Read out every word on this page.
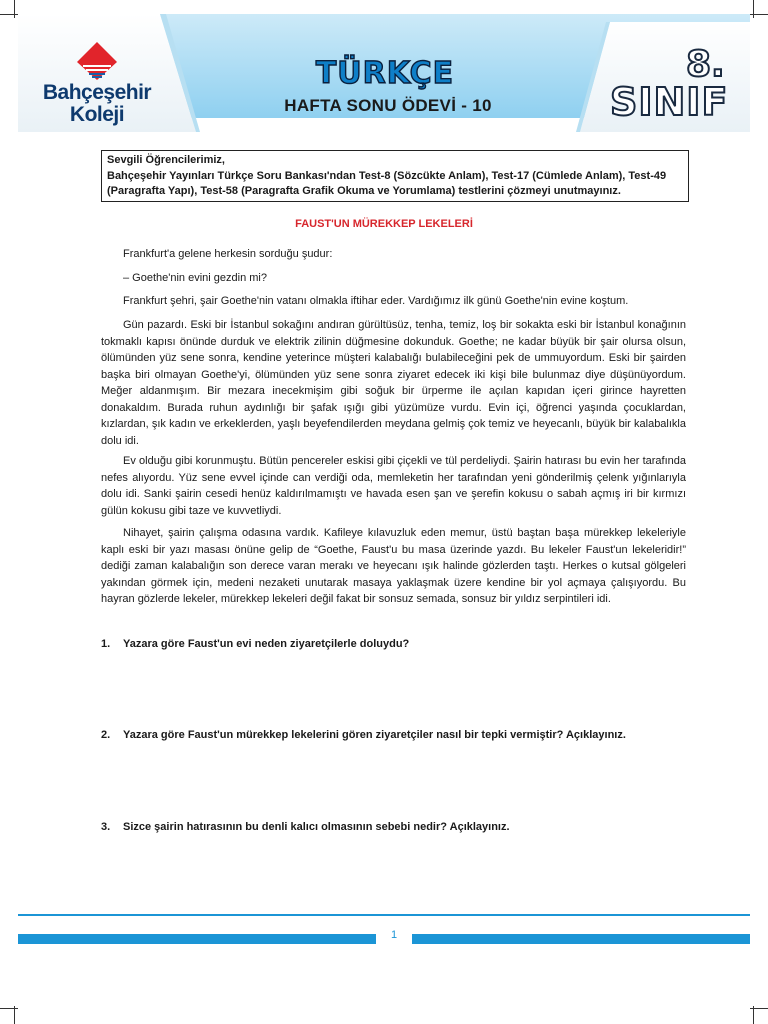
Bahçeşehir
Koleji
TÜRKÇE
HAFTA SONU ÖDEVİ - 10
8.
SINIF
Sevgili Öğrencilerimiz,
Bahçeşehir Yayınları Türkçe Soru Bankası'ndan Test-8 (Sözcükte Anlam), Test-17 (Cümlede Anlam), Test-49 (Paragrafta Yapı), Test-58 (Paragrafta Grafik Okuma ve Yorumlama) testlerini çözmeyi unutmayınız.
FAUST'UN MÜREKKEP LEKELERİ

Frankfurt'a gelene herkesin sorduğu şudur:

– Goethe'nin evini gezdin mi?

Frankfurt şehri, şair Goethe'nin vatanı olmakla iftihar eder. Vardığımız ilk günü Goethe'nin evine koştum.

Gün pazardı. Eski bir İstanbul sokağını andıran gürültüsüz, tenha, temiz, loş bir sokakta eski bir İstanbul konağının tokmaklı kapısı önünde durduk ve elektrik zilinin düğmesine dokunduk. Goethe; ne kadar büyük bir şair olursa olsun, ölümünden yüz sene sonra, kendine yeterince müşteri kalabalığı bulabileceğini pek de ummuyordum. Eski bir şairden başka biri olmayan Goethe'yi, ölümünden yüz sene sonra ziyaret edecek iki kişi bile bulunmaz diye düşünüyordum. Meğer aldanmışım. Bir mezara inecekmişim gibi soğuk bir ürperme ile açılan kapıdan içeri girince hayretten donakaldım. Burada ruhun aydınlığı bir şafak ışığı gibi yüzümüze vurdu. Evin içi, öğrenci yaşında çocuklardan, kızlardan, şık kadın ve erkeklerden, yaşlı beyefendilerden meydana gelmiş çok temiz ve heyecanlı, büyük bir kalabalıkla dolu idi.

Ev olduğu gibi korunmuştu. Bütün pencereler eskisi gibi çiçekli ve tül perdeliydi. Şairin hatırası bu evin her tarafında nefes alıyordu. Yüz sene evvel içinde can verdiği oda, memleketin her tarafından yeni gönderilmiş çelenk yığınlarıyla dolu idi. Sanki şairin cesedi henüz kaldırılmamıştı ve havada esen şan ve şerefin kokusu o sabah açmış iri bir kırmızı gülün kokusu gibi taze ve kuvvetliydi.

Nihayet, şairin çalışma odasına vardık. Kafileye kılavuzluk eden memur, üstü baştan başa mürekkep lekeleriyle kaplı eski bir yazı masası önüne gelip de “Goethe, Faust'u bu masa üzerinde yazdı. Bu lekeler Faust'un lekeleridir!” dediği zaman kalabalığın son derece varan merakı ve heyecanı ışık halinde gözlerden taştı. Herkes o kutsal gölgeleri yakından görmek için, medeni nezaketi unutarak masaya yaklaşmak üzere kendine bir yol açmaya çalışıyordu. Bu hayran gözlerde lekeler, mürekkep lekeleri değil fakat bir sonsuz semada, sonsuz bir yıldız serpintileri idi.

1. Yazara göre Faust'un evi neden ziyaretçilerle doluydu?
2. Yazara göre Faust'un mürekkep lekelerini gören ziyaretçiler nasıl bir tepki vermiştir? Açıklayınız.
3. Sizce şairin hatırasının bu denli kalıcı olmasının sebebi nedir? Açıklayınız.
1
